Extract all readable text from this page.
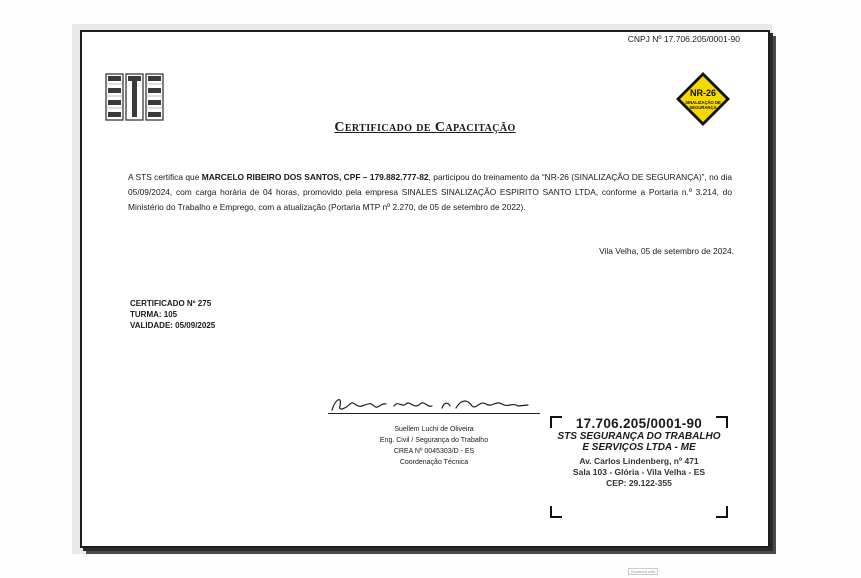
CNPJ Nº 17.706.205/0001-90
NR-26
SINALIZAÇÃO DE
SEGURANÇA
Certificado de Capacitação
A STS certifica que MARCELO RIBEIRO DOS SANTOS, CPF – 179.882.777-82, participou do treinamento da “NR-26 (SINALIZAÇÃO DE SEGURANÇA)”, no dia 05/09/2024, com carga horária de 04 horas, promovido pela empresa SINALES SINALIZAÇÃO ESPIRITO SANTO LTDA, conforme a Portaria n.º 3.214, do Ministério do Trabalho e Emprego, com a atualização (Portaria MTP nº 2.270, de 05 de setembro de 2022).
Vila Velha, 05 de setembro de 2024.
CERTIFICADO Nº 275
TURMA: 105
VALIDADE: 05/09/2025
Suellem Luchi de Oliveira
Eng. Civil / Segurança do Trabalho
CREA Nº 0045303/D - ES
Coordenação Técnica
17.706.205/0001-90
STS SEGURANÇA DO TRABALHO
E SERVIÇOS LTDA - ME
Av. Carlos Lindenberg, nº 471
Sala 103 - Glória - Vila Velha - ES
CEP: 29.122-355
Scanned with
